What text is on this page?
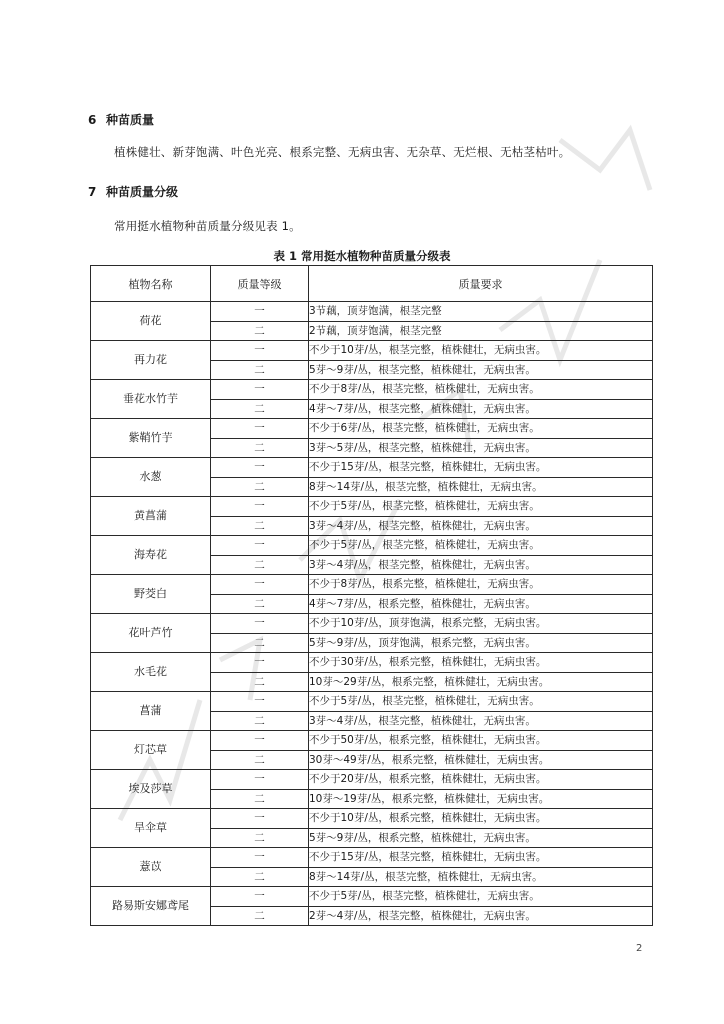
6 种苗质量
植株健壮、新芽饱满、叶色光亮、根系完整、无病虫害、无杂草、无烂根、无枯茎枯叶。
7 种苗质量分级
常用挺水植物种苗质量分级见表 1。
表 1 常用挺水植物种苗质量分级表
植物名称	质量等级	质量要求
荷花	一	3节藕，顶芽饱满，根茎完整
	二	2节藕，顶芽饱满，根茎完整
再力花	一	不少于10芽/丛，根茎完整，植株健壮，无病虫害。
	二	5芽～9芽/丛，根茎完整，植株健壮，无病虫害。
垂花水竹芋	一	不少于8芽/丛，根茎完整，植株健壮，无病虫害。
	二	4芽～7芽/丛，根茎完整，植株健壮，无病虫害。
紫鞘竹芋	一	不少于6芽/丛，根茎完整，植株健壮，无病虫害。
	二	3芽～5芽/丛，根茎完整，植株健壮，无病虫害。
水葱	一	不少于15芽/丛，根茎完整，植株健壮，无病虫害。
	二	8芽～14芽/丛，根茎完整，植株健壮，无病虫害。
黄菖蒲	一	不少于5芽/丛，根茎完整，植株健壮，无病虫害。
	二	3芽～4芽/丛，根茎完整，植株健壮，无病虫害。
海寿花	一	不少于5芽/丛，根茎完整，植株健壮，无病虫害。
	二	3芽～4芽/丛，根茎完整，植株健壮，无病虫害。
野茭白	一	不少于8芽/丛，根系完整，植株健壮，无病虫害。
	二	4芽～7芽/丛，根系完整，植株健壮，无病虫害。
花叶芦竹	一	不少于10芽/丛，顶芽饱满，根系完整，无病虫害。
	二	5芽～9芽/丛，顶芽饱满，根系完整，无病虫害。
水毛花	一	不少于30芽/丛，根系完整，植株健壮，无病虫害。
	二	10芽～29芽/丛，根系完整，植株健壮，无病虫害。
菖蒲	一	不少于5芽/丛，根茎完整，植株健壮，无病虫害。
	二	3芽～4芽/丛，根茎完整，植株健壮，无病虫害。
灯芯草	一	不少于50芽/丛，根系完整，植株健壮，无病虫害。
	二	30芽～49芽/丛，根系完整，植株健壮，无病虫害。
埃及莎草	一	不少于20芽/丛，根系完整，植株健壮，无病虫害。
	二	10芽～19芽/丛，根系完整，植株健壮，无病虫害。
旱伞草	一	不少于10芽/丛，根系完整，植株健壮，无病虫害。
	二	5芽～9芽/丛，根系完整，植株健壮，无病虫害。
薏苡	一	不少于15芽/丛，根茎完整，植株健壮，无病虫害。
	二	8芽～14芽/丛，根茎完整，植株健壮，无病虫害。
路易斯安娜鸢尾	一	不少于5芽/丛，根茎完整，植株健壮，无病虫害。
	二	2芽～4芽/丛，根茎完整，植株健壮，无病虫害。
2
